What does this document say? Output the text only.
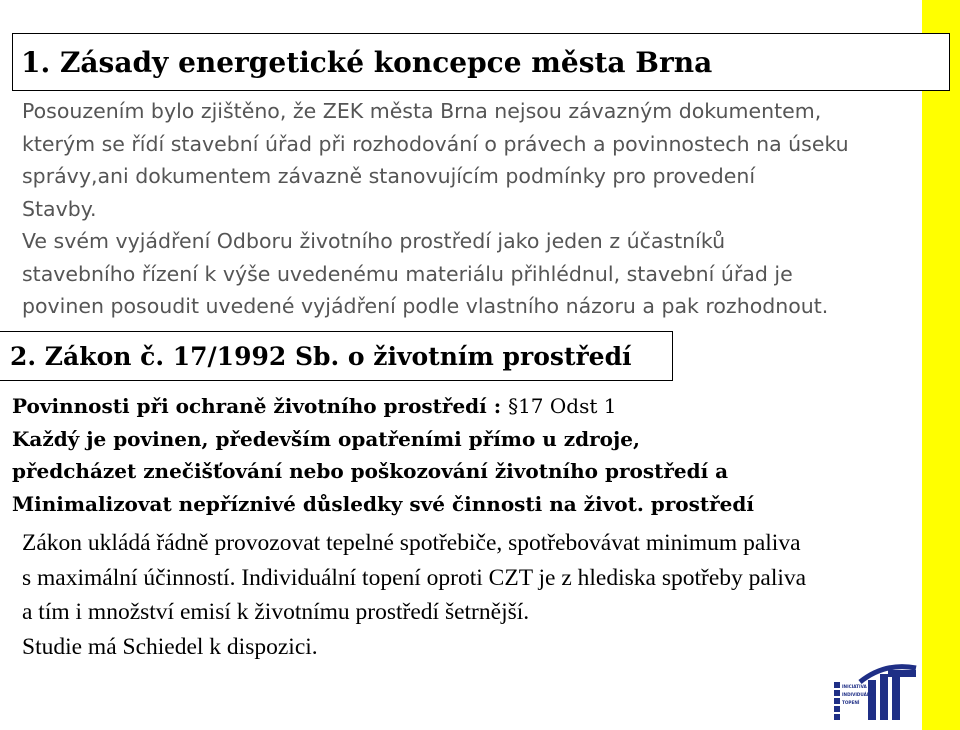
1. Zásady energetické koncepce města Brna
Posouzením bylo zjištěno, že ZEK města Brna nejsou závazným dokumentem,
kterým se řídí stavební úřad při rozhodování o právech a povinnostech na úseku
správy,ani dokumentem závazně stanovujícím podmínky pro provedení
Stavby.
Ve svém vyjádření Odboru životního prostředí jako jeden z účastníků
stavebního řízení k výše uvedenému materiálu přihlédnul, stavební úřad je
povinen posoudit uvedené vyjádření podle vlastního názoru a pak rozhodnout.
2. Zákon č. 17/1992 Sb. o životním prostředí
Povinnosti při ochraně životního prostředí : §17 Odst 1
Každý je povinen, především opatřeními přímo u zdroje,
předcházet znečišťování nebo poškozování životního prostředí a
Minimalizovat nepříznivé důsledky své činnosti na život. prostředí
Zákon ukládá řádně provozovat tepelné spotřebiče, spotřebovávat minimum paliva
s maximální účinností. Individuální topení oproti CZT je z hlediska spotřeby paliva
a tím i množství emisí k životnímu prostředí šetrnější.
Studie má Schiedel k dispozici.
INICIATIVA ZA
INDIVIDUÁLNÍ
TOPENÍ
